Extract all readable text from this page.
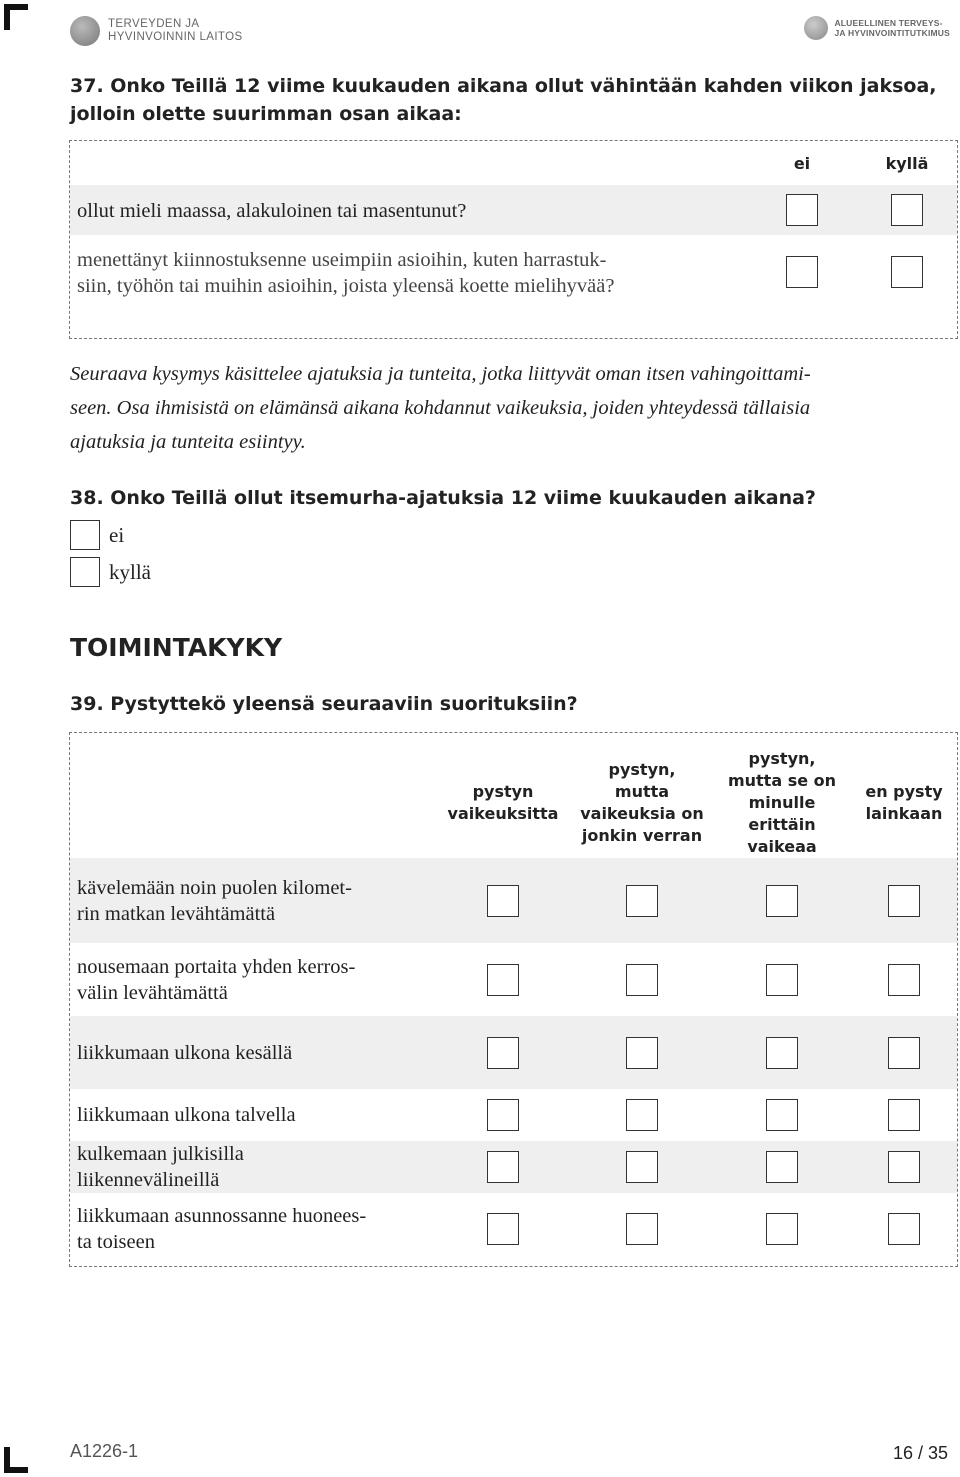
TERVEYDEN JA
HYVINVOINNIN LAITOS
ALUEELLINEN TERVEYS-
JA HYVINVOINTITUTKIMUS
37. Onko Teillä 12 viime kuukauden aikana ollut vähintään kahden viikon jaksoa,
jolloin olette suurimman osan aikaa:
ei	kyllä
ollut mieli maassa, alakuloinen tai masentunut?
menettänyt kiinnostuksenne useimpiin asioihin, kuten harrastuk-
siin, työhön tai muihin asioihin, joista yleensä koette mielihyvää?
Seuraava kysymys käsittelee ajatuksia ja tunteita, jotka liittyvät oman itsen vahingoittami-
seen. Osa ihmisistä on elämänsä aikana kohdannut vaikeuksia, joiden yhteydessä tällaisia
ajatuksia ja tunteita esiintyy.
38. Onko Teillä ollut itsemurha-ajatuksia 12 viime kuukauden aikana?
ei
kyllä
TOIMINTAKYKY
39. Pystyttekö yleensä seuraaviin suorituksiin?
pystyn
vaikeuksitta
pystyn,
mutta
vaikeuksia on
jonkin verran
pystyn,
mutta se on
minulle
erittäin
vaikeaa
en pysty
lainkaan
kävelemään noin puolen kilomet-
rin matkan levähtämättä
nousemaan portaita yhden kerros-
välin levähtämättä
liikkumaan ulkona kesällä
liikkumaan ulkona talvella
kulkemaan julkisilla
liikennevälineillä
liikkumaan asunnossanne huonees-
ta toiseen
A1226-1	16 / 35
